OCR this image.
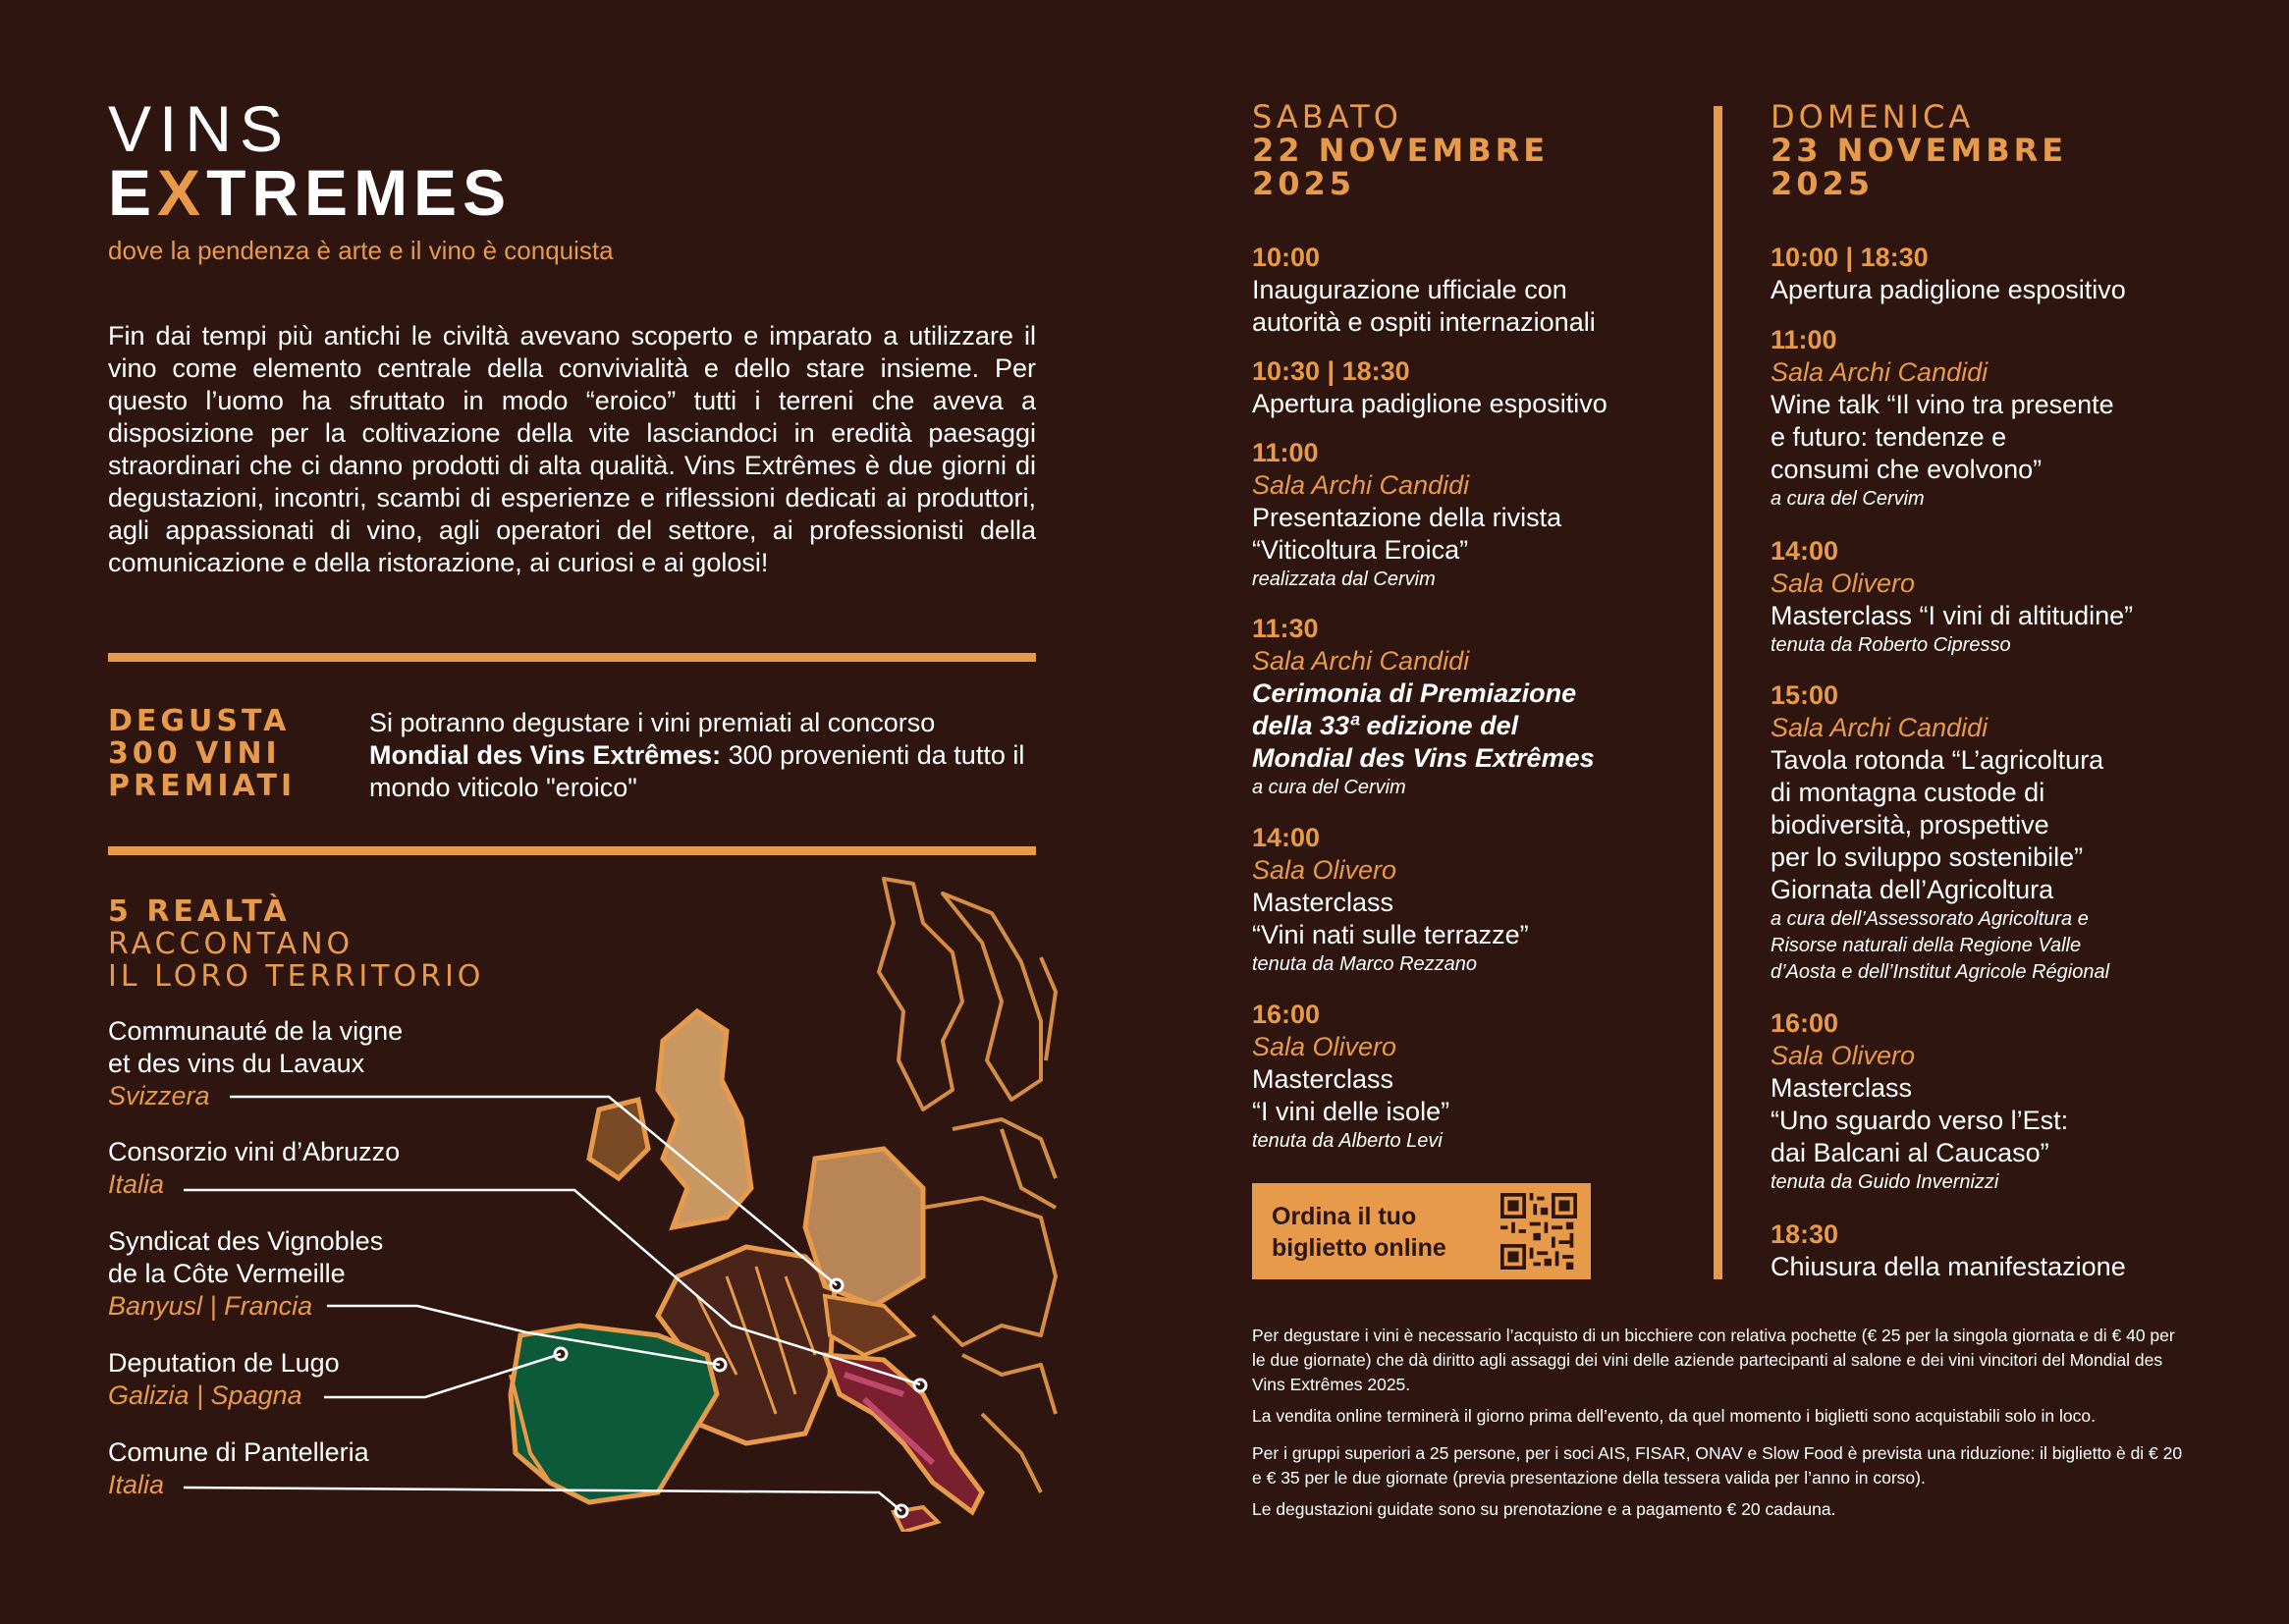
VINS
EXTREMES
dove la pendenza è arte e il vino è conquista
Fin dai tempi più antichi le civiltà avevano scoperto e imparato a utilizzare il vino come elemento centrale della convivialità e dello stare insieme. Per questo l’uomo ha sfruttato in modo “eroico” tutti i terreni che aveva a disposizione per la coltivazione della vite lasciandoci in eredità paesaggi straordinari che ci danno prodotti di alta qualità. Vins Extrêmes è due giorni di degustazioni, incontri, scambi di esperienze e riflessioni dedicati ai produttori, agli appassionati di vino, agli operatori del settore, ai professionisti della comunicazione e della ristorazione, ai curiosi e ai golosi!
DEGUSTA
300 VINI
PREMIATI
Si potranno degustare i vini premiati al concorso Mondial des Vins Extrêmes: 300 provenienti da tutto il mondo viticolo "eroico"
5 REALTÀ
RACCONTANO
IL LORO TERRITORIO
Communauté de la vigne
et des vins du Lavaux
Svizzera
Consorzio vini d’Abruzzo
Italia
Syndicat des Vignobles
de la Côte Vermeille
Banyusl | Francia
Deputation de Lugo
Galizia | Spagna
Comune di Pantelleria
Italia
SABATO
22 NOVEMBRE
2025
10:00
Inaugurazione ufficiale con
autorità e ospiti internazionali
10:30 | 18:30
Apertura padiglione espositivo
11:00
Sala Archi Candidi
Presentazione della rivista
“Viticoltura Eroica”
realizzata dal Cervim
11:30
Sala Archi Candidi
Cerimonia di Premiazione
della 33ª edizione del
Mondial des Vins Extrêmes
a cura del Cervim
14:00
Sala Olivero
Masterclass
“Vini nati sulle terrazze”
tenuta da Marco Rezzano
16:00
Sala Olivero
Masterclass
“I vini delle isole”
tenuta da Alberto Levi
Ordina il tuo
biglietto online
DOMENICA
23 NOVEMBRE
2025
10:00 | 18:30
Apertura padiglione espositivo
11:00
Sala Archi Candidi
Wine talk “Il vino tra presente
e futuro: tendenze e
consumi che evolvono”
a cura del Cervim
14:00
Sala Olivero
Masterclass “I vini di altitudine”
tenuta da Roberto Cipresso
15:00
Sala Archi Candidi
Tavola rotonda “L’agricoltura
di montagna custode di
biodiversità, prospettive
per lo sviluppo sostenibile”
Giornata dell’Agricoltura
a cura dell’Assessorato Agricoltura e
Risorse naturali della Regione Valle
d’Aosta e dell’Institut Agricole Régional
16:00
Sala Olivero
Masterclass
“Uno sguardo verso l’Est:
dai Balcani al Caucaso”
tenuta da Guido Invernizzi
18:30
Chiusura della manifestazione
Per degustare i vini è necessario l’acquisto di un bicchiere con relativa pochette (€ 25 per la singola giornata e di € 40 per le due giornate) che dà diritto agli assaggi dei vini delle aziende partecipanti al salone e dei vini vincitori del Mondial des Vins Extrêmes 2025.
La vendita online terminerà il giorno prima dell’evento, da quel momento i biglietti sono acquistabili solo in loco.
Per i gruppi superiori a 25 persone, per i soci AIS, FISAR, ONAV e Slow Food è prevista una riduzione: il biglietto è di € 20 e € 35 per le due giornate (previa presentazione della tessera valida per l’anno in corso).
Le degustazioni guidate sono su prenotazione e a pagamento € 20 cadauna.
